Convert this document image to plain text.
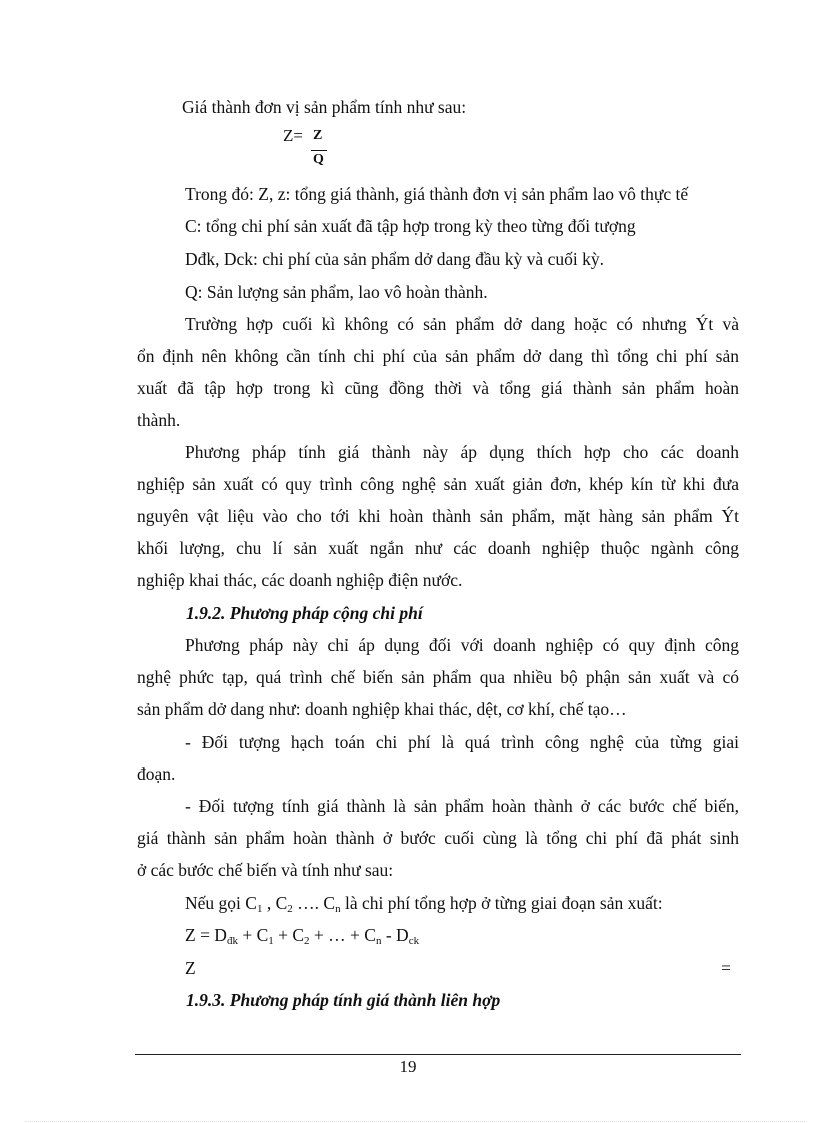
Giá thành đơn vị sản phẩm tính như sau:
Z= Z
Q
Trong đó: Z, z: tổng giá thành, giá thành đơn vị sản phẩm lao vô thực tế
C: tổng chi phí sản xuất đã tập hợp trong kỳ theo từng đối tượng
Dđk, Dck: chi phí của sản phẩm dở dang đầu kỳ và cuối kỳ.
Q: Sản lượng sản phẩm, lao vô hoàn thành.
Trường hợp cuối kì không có sản phẩm dở dang hoặc có nhưng Ýt và
ổn định nên không cần tính chi phí của sản phẩm dở dang thì tổng chi phí sản
xuất đã tập hợp trong kì cũng đồng thời và tổng giá thành sản phẩm hoàn
thành.
Phương pháp tính giá thành này áp dụng thích hợp cho các doanh
nghiệp sản xuất có quy trình công nghệ sản xuất giản đơn, khép kín từ khi đưa
nguyên vật liệu vào cho tới khi hoàn thành sản phẩm, mặt hàng sản phẩm Ýt
khối lượng, chu lí sản xuất ngắn như các doanh nghiệp thuộc ngành công
nghiệp khai thác, các doanh nghiệp điện nước.
1.9.2. Phương pháp cộng chi phí
Phương pháp này chỉ áp dụng đối với doanh nghiệp có quy định công
nghệ phức tạp, quá trình chế biến sản phẩm qua nhiều bộ phận sản xuất và có
sản phẩm dở dang như: doanh nghiệp khai thác, dệt, cơ khí, chế tạo…
- Đối tượng hạch toán chi phí là quá trình công nghệ của từng giai
đoạn.
- Đối tượng tính giá thành là sản phẩm hoàn thành ở các bước chế biến,
giá thành sản phẩm hoàn thành ở bước cuối cùng là tổng chi phí đã phát sinh
ở các bước chế biến và tính như sau:
Nếu gọi $C_1$ , $C_2$ …. $C_n$ là chi phí tổng hợp ở từng giai đoạn sản xuất:
$Z = D_{đk} + C_1 + C_2$ + … + $C_n - D_{ck}$
Z	=
1.9.3. Phương pháp tính giá thành liên hợp
19
